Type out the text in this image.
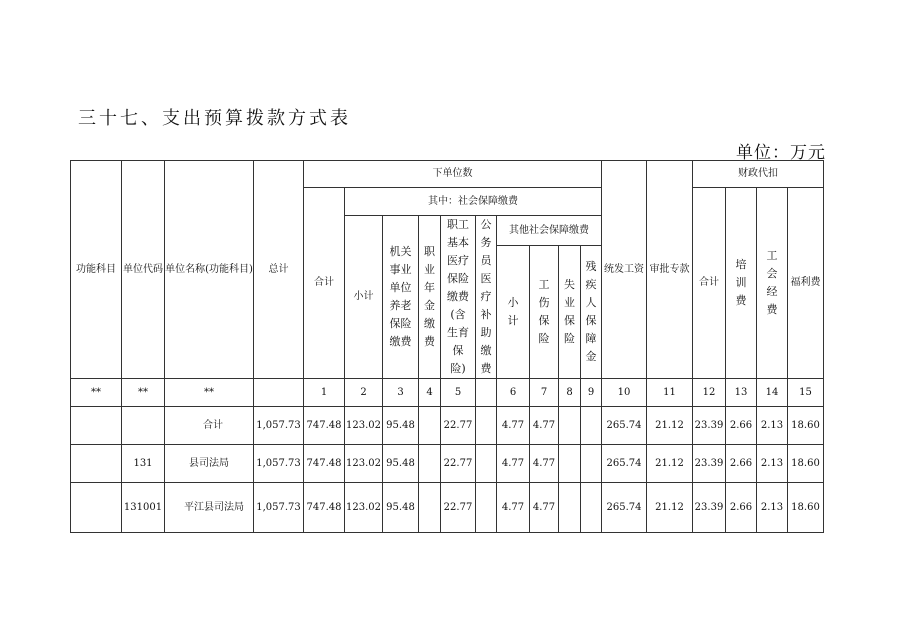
三十七、支出预算拨款方式表
单位：万元
功能科目	单位代码	单位名称(功能科目)	总计	下单位数										统发工资	审批专款	财政代扣			
				合计	其中：社会保障缴费											合计	培训费	工会经费	福利费
					小计	机关事业单位养老保险缴费	职业年金缴费	职工基本医疗保险缴费(含生育保险)	公务员医疗补助缴费	其他社会保障缴费									
										小计	工伤保险	失业保险	残疾人保障金						
**	**	**		1	2	3	4	5		6	7	8	9	10	11	12	13	14	15
		合计	1,057.73	747.48	123.02	95.48		22.77		4.77	4.77			265.74	21.12	23.39	2.66	2.13	18.60
	131	县司法局	1,057.73	747.48	123.02	95.48		22.77		4.77	4.77			265.74	21.12	23.39	2.66	2.13	18.60
	131001	平江县司法局	1,057.73	747.48	123.02	95.48		22.77		4.77	4.77			265.74	21.12	23.39	2.66	2.13	18.60
